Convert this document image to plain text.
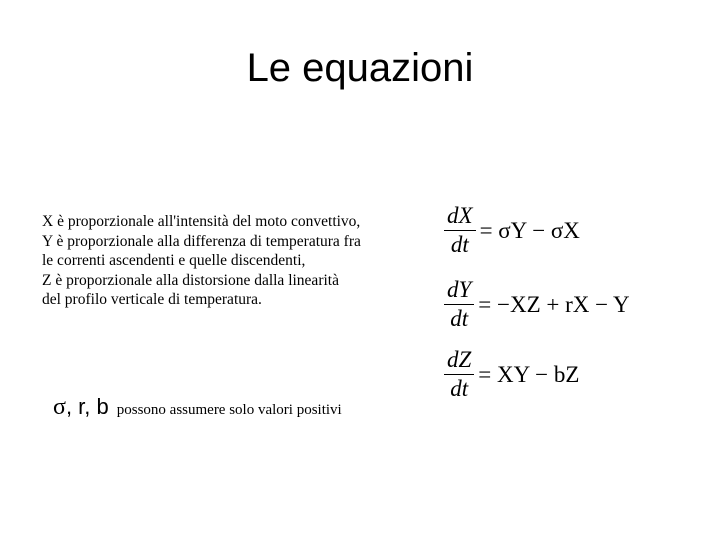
Le equazioni
X è proporzionale all'intensità del moto convettivo,
Y è proporzionale alla differenza di temperatura fra
le correnti ascendenti e quelle discendenti,
Z è proporzionale alla distorsione dalla linearità
del profilo verticale di temperatura.
σ, r, b possono assumere solo valori positivi
$\frac{dX}{dt} = \sigma Y - \sigma X$
$\frac{dY}{dt} = -XZ$ + rX − Y
$\frac{dZ}{dt}$ = XY − bZ
